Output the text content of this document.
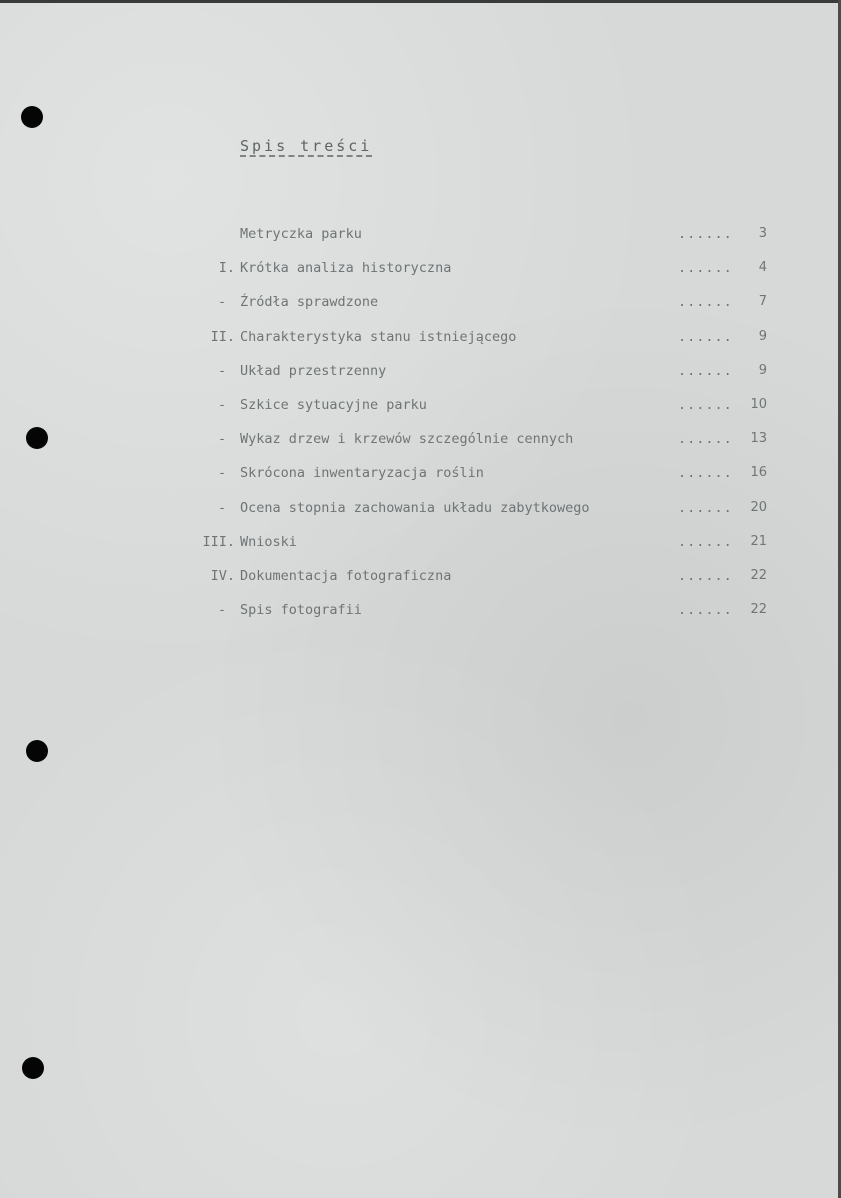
Spis treści
Metryczka parku	...... 3
I. Krótka analiza historyczna	...... 4
- Źródła sprawdzone	...... 7
II. Charakterystyka stanu istniejącego	...... 9
- Układ przestrzenny	...... 9
- Szkice sytuacyjne parku	...... 10
- Wykaz drzew i krzewów szczególnie cennych	...... 13
- Skrócona inwentaryzacja roślin	...... 16
- Ocena stopnia zachowania układu zabytkowego	...... 20
III. Wnioski	...... 21
IV. Dokumentacja fotograficzna	...... 22
- Spis fotografii	...... 22
